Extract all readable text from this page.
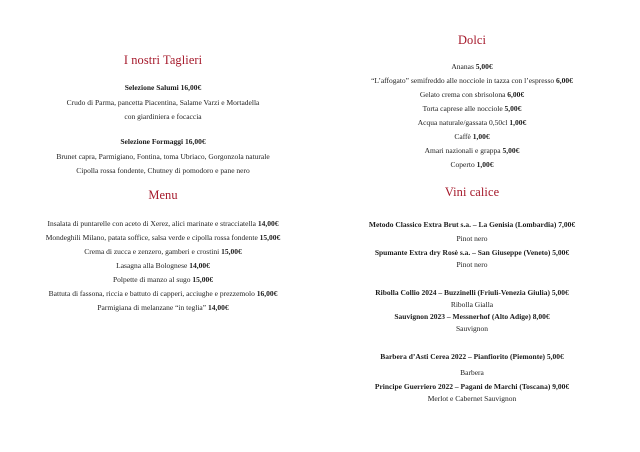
I nostri Taglieri
Selezione Salumi 16,00€
Crudo di Parma, pancetta Piacentina, Salame Varzi e Mortadella
con giardiniera e focaccia
Selezione Formaggi 16,00€
Brunet capra, Parmigiano, Fontina, toma Ubriaco, Gorgonzola naturale
Cipolla rossa fondente, Chutney di pomodoro e pane nero
Menu
Insalata di puntarelle con aceto di Xerez, alici marinate e stracciatella 14,00€
Mondeghili Milano, patata soffice, salsa verde e cipolla rossa fondente 15,00€
Crema di zucca e zenzero, gamberi e crostini 15,00€
Lasagna alla Bolognese 14,00€
Polpette di manzo al sugo 15,00€
Battuta di fassona, riccia e battuto di capperi, acciughe e prezzemolo 16,00€
Parmigiana di melanzane “in teglia” 14,00€
Dolci
Ananas 5,00€
“L’affogato” semifreddo alle nocciole in tazza con l’espresso 6,00€
Gelato crema con sbrisolona 6,00€
Torta caprese alle nocciole 5,00€
Acqua naturale/gassata 0,50cl 1,00€
Caffè 1,00€
Amari nazionali e grappa 5,00€
Coperto 1,00€
Vini calice
Metodo Classico Extra Brut s.a. – La Genisia (Lombardia) 7,00€
Pinot nero
Spumante Extra dry Rosè s.a. – San Giuseppe (Veneto) 5,00€
Pinot nero
Ribolla Collio 2024 – Buzzinelli (Friuli-Venezia Giulia) 5,00€
Ribolla Gialla
Sauvignon 2023 – Messnerhof (Alto Adige) 8,00€
Sauvignon
Barbera d’Asti Cerea 2022 – Pianfiorito (Piemonte) 5,00€
Barbera
Principe Guerriero 2022 – Pagani de Marchi (Toscana) 9,00€
Merlot e Cabernet Sauvignon
